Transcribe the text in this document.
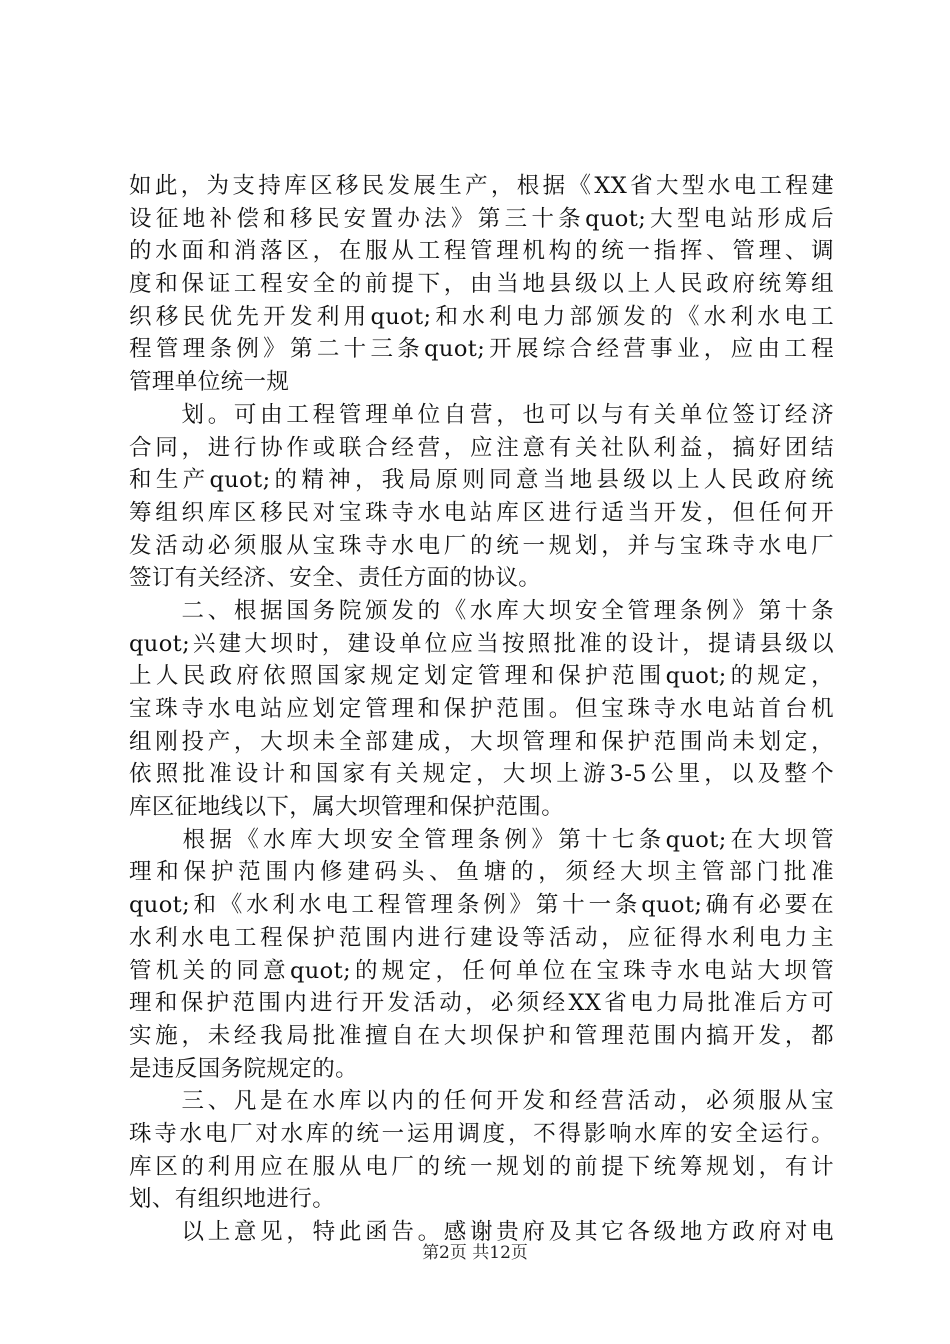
如此，为支持库区移民发展生产，根据《XX省大型水电工程建
设征地补偿和移民安置办法》第三十条quot;大型电站形成后
的水面和消落区，在服从工程管理机构的统一指挥、管理、调
度和保证工程安全的前提下，由当地县级以上人民政府统筹组
织移民优先开发利用quot;和水利电力部颁发的《水利水电工
程管理条例》第二十三条quot;开展综合经营事业，应由工程
管理单位统一规
　　划。可由工程管理单位自营，也可以与有关单位签订经济
合同，进行协作或联合经营，应注意有关社队利益，搞好团结
和生产quot;的精神，我局原则同意当地县级以上人民政府统
筹组织库区移民对宝珠寺水电站库区进行适当开发，但任何开
发活动必须服从宝珠寺水电厂的统一规划，并与宝珠寺水电厂
签订有关经济、安全、责任方面的协议。
　　二、根据国务院颁发的《水库大坝安全管理条例》第十条
quot;兴建大坝时，建设单位应当按照批准的设计，提请县级以
上人民政府依照国家规定划定管理和保护范围quot;的规定，
宝珠寺水电站应划定管理和保护范围。但宝珠寺水电站首台机
组刚投产，大坝未全部建成，大坝管理和保护范围尚未划定，
依照批准设计和国家有关规定，大坝上游3-5公里，以及整个
库区征地线以下，属大坝管理和保护范围。
　　根据《水库大坝安全管理条例》第十七条quot;在大坝管
理和保护范围内修建码头、鱼塘的，须经大坝主管部门批准
quot;和《水利水电工程管理条例》第十一条quot;确有必要在
水利水电工程保护范围内进行建设等活动，应征得水利电力主
管机关的同意quot;的规定，任何单位在宝珠寺水电站大坝管
理和保护范围内进行开发活动，必须经XX省电力局批准后方可
实施，未经我局批准擅自在大坝保护和管理范围内搞开发，都
是违反国务院规定的。
　　三、凡是在水库以内的任何开发和经营活动，必须服从宝
珠寺水电厂对水库的统一运用调度，不得影响水库的安全运行。
库区的利用应在服从电厂的统一规划的前提下统筹规划，有计
划、有组织地进行。
　　以上意见，特此函告。感谢贵府及其它各级地方政府对电
第2页 共12页
